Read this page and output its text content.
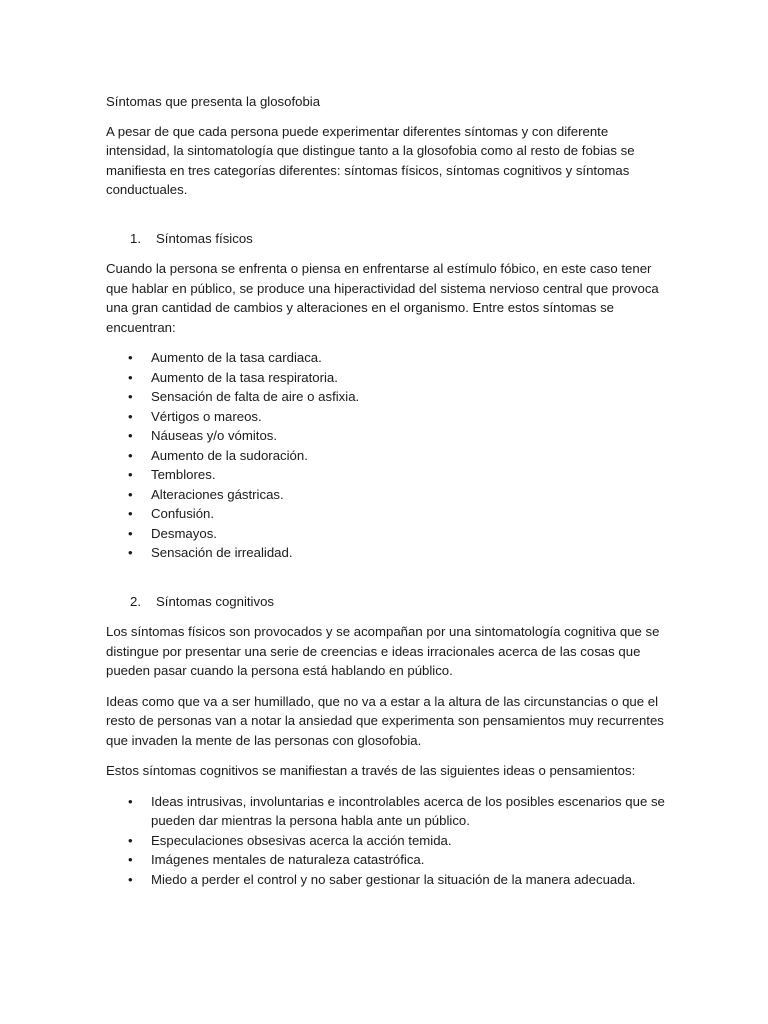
Síntomas que presenta la glosofobia

A pesar de que cada persona puede experimentar diferentes síntomas y con diferente intensidad, la sintomatología que distingue tanto a la glosofobia como al resto de fobias se manifiesta en tres categorías diferentes: síntomas físicos, síntomas cognitivos y síntomas conductuales.

1.	Síntomas físicos

Cuando la persona se enfrenta o piensa en enfrentarse al estímulo fóbico, en este caso tener que hablar en público, se produce una hiperactividad del sistema nervioso central que provoca una gran cantidad de cambios y alteraciones en el organismo. Entre estos síntomas se encuentran:

• Aumento de la tasa cardiaca.
• Aumento de la tasa respiratoria.
• Sensación de falta de aire o asfixia.
• Vértigos o mareos.
• Náuseas y/o vómitos.
• Aumento de la sudoración.
• Temblores.
• Alteraciones gástricas.
• Confusión.
• Desmayos.
• Sensación de irrealidad.
2.	Síntomas cognitivos

Los síntomas físicos son provocados y se acompañan por una sintomatología cognitiva que se distingue por presentar una serie de creencias e ideas irracionales acerca de las cosas que pueden pasar cuando la persona está hablando en público.

Ideas como que va a ser humillado, que no va a estar a la altura de las circunstancias o que el resto de personas van a notar la ansiedad que experimenta son pensamientos muy recurrentes que invaden la mente de las personas con glosofobia.

Estos síntomas cognitivos se manifiestan a través de las siguientes ideas o pensamientos:

• Ideas intrusivas, involuntarias e incontrolables acerca de los posibles escenarios que se pueden dar mientras la persona habla ante un público.
• Especulaciones obsesivas acerca la acción temida.
• Imágenes mentales de naturaleza catastrófica.
• Miedo a perder el control y no saber gestionar la situación de la manera adecuada.
